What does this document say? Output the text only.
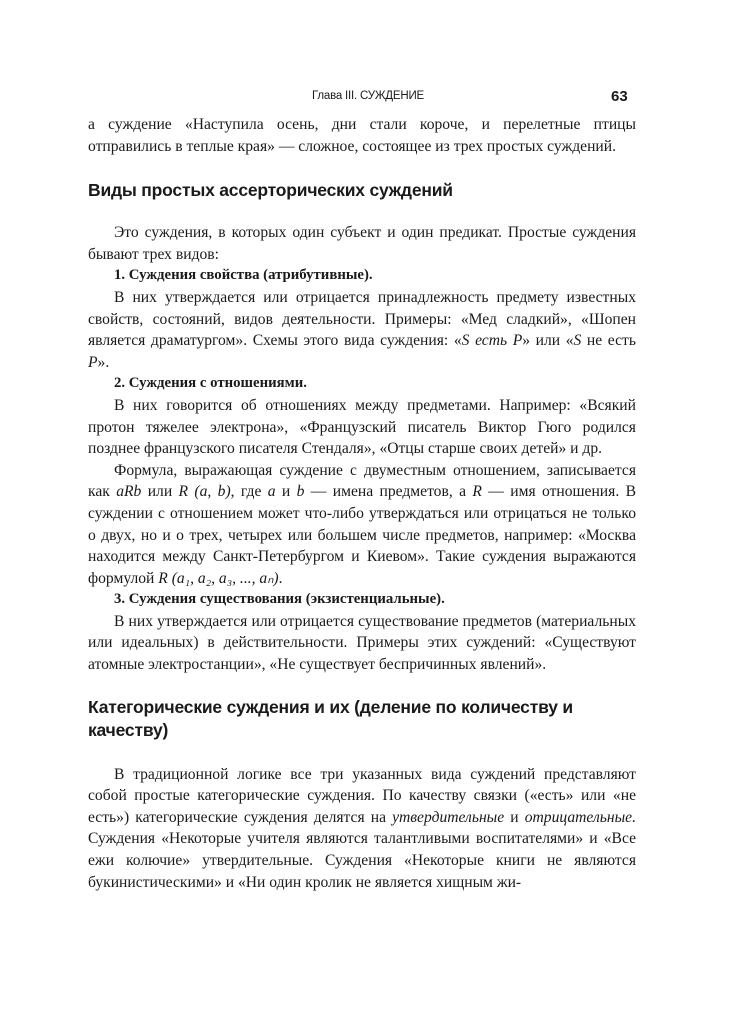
Глава III. СУЖДЕНИЕ	63

а суждение «Наступила осень, дни стали короче, и перелетные птицы отправились в теплые края» — сложное, состоящее из трех простых суждений.

Виды простых ассерторических суждений

Это суждения, в которых один субъект и один предикат. Простые суждения бывают трех видов:

1. Суждения свойства (атрибутивные).

В них утверждается или отрицается принадлежность предмету известных свойств, состояний, видов деятельности. Примеры: «Мед сладкий», «Шопен является драматургом». Схемы этого вида суждения: «S есть P» или «S не есть P».

2. Суждения с отношениями.

В них говорится об отношениях между предметами. Например: «Всякий протон тяжелее электрона», «Французский писатель Виктор Гюго родился позднее французского писателя Стендаля», «Отцы старше своих детей» и др.

Формула, выражающая суждение с двуместным отношением, записывается как aRb или R (a, b), где a и b — имена предметов, а R — имя отношения. В суждении с отношением может что-либо утверждаться или отрицаться не только о двух, но и о трех, четырех или большем числе предметов, например: «Москва находится между Санкт-Петербургом и Киевом». Такие суждения выражаются формулой R (a₁, a₂, a₃, ..., aₙ).

3. Суждения существования (экзистенциальные).

В них утверждается или отрицается существование предметов (материальных или идеальных) в действительности. Примеры этих суждений: «Существуют атомные электростанции», «Не существует беспричинных явлений».

Категорические суждения и их (деление по количеству и качеству)

В традиционной логике все три указанных вида суждений представляют собой простые категорические суждения. По качеству связки («есть» или «не есть») категорические суждения делятся на утвердительные и отрицательные. Суждения «Некоторые учителя являются талантливыми воспитателями» и «Все ежи колючие» утвердительные. Суждения «Некоторые книги не являются букинистическими» и «Ни один кролик не является хищным жи-
